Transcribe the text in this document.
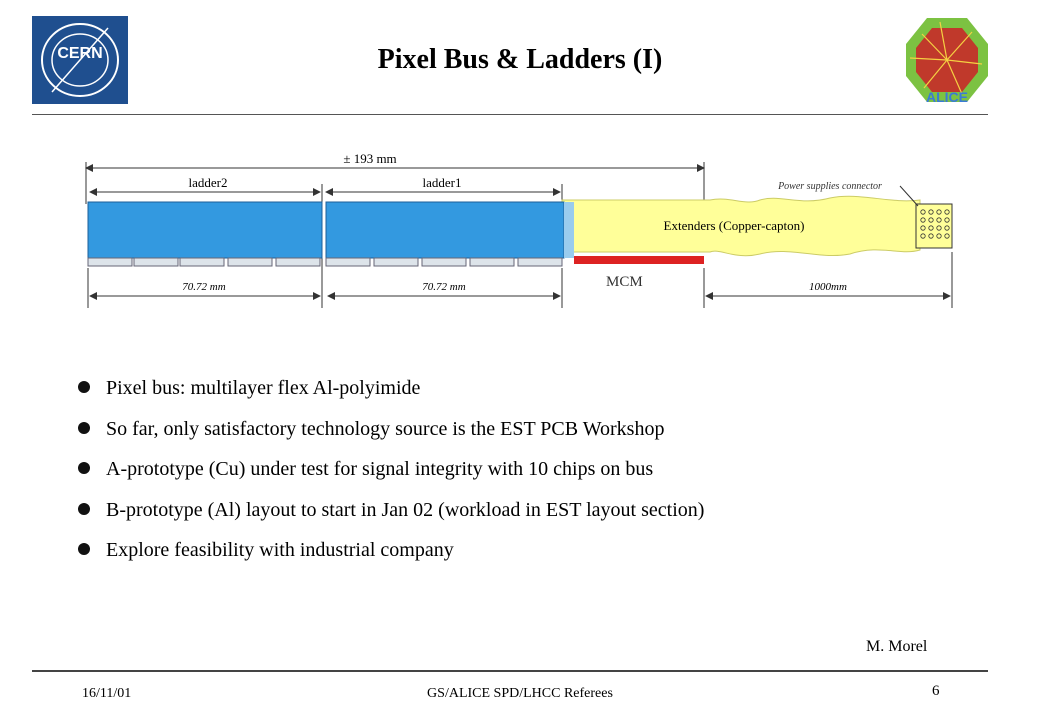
CERN	Pixel Bus & Ladders (I)
ALICE
± 193 mm
ladder2	ladder1
Extenders (Copper-capton)
MCM
Power supplies connector
70.72 mm	70.72 mm	1000mm
Pixel bus: multilayer flex Al-polyimide
So far, only satisfactory technology source is the EST PCB Workshop
A-prototype (Cu) under test for signal integrity with 10 chips on bus
B-prototype (Al) layout to start in Jan 02 (workload in EST layout section)
Explore feasibility with industrial company
M. Morel
16/11/01	GS/ALICE SPD/LHCC Referees	6
